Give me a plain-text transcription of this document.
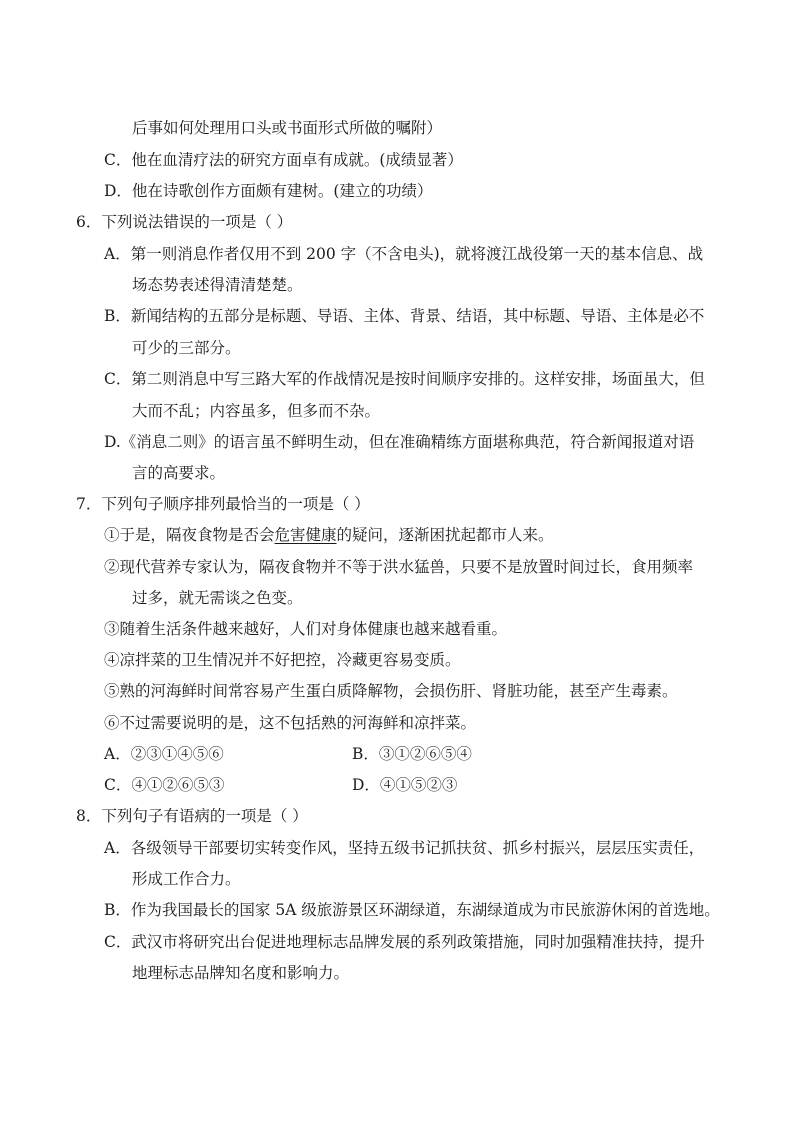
后事如何处理用口头或书面形式所做的嘱附）
C．他在血清疗法的研究方面卓有成就。(成绩显著）
D．他在诗歌创作方面颇有建树。(建立的功绩）
6．下列说法错误的一项是（ ）
A．第一则消息作者仅用不到 200 字（不含电头)，就将渡江战役第一天的基本信息、战
场态势表述得清清楚楚。
B．新闻结构的五部分是标题、导语、主体、背景、结语，其中标题、导语、主体是必不
可少的三部分。
C．第二则消息中写三路大军的作战情况是按时间顺序安排的。这样安排，场面虽大，但
大而不乱；内容虽多，但多而不杂。
D.《消息二则》的语言虽不鲜明生动，但在准确精练方面堪称典范，符合新闻报道对语
言的高要求。
7．下列句子顺序排列最恰当的一项是（ ）
①于是，隔夜食物是否会危害健康的疑问，逐渐困扰起都市人来。
②现代营养专家认为，隔夜食物并不等于洪水猛兽，只要不是放置时间过长，食用频率
过多，就无需谈之色变。
③随着生活条件越来越好，人们对身体健康也越来越看重。
④凉拌菜的卫生情况并不好把控，冷藏更容易变质。
⑤熟的河海鲜时间常容易产生蛋白质降解物，会损伤肝、肾脏功能，甚至产生毒素。
⑥不过需要说明的是，这不包括熟的河海鲜和凉拌菜。
A．②③①④⑤⑥	B．③①②⑥⑤④
C．④①②⑥⑤③	D．④①⑤②③
8．下列句子有语病的一项是（ ）
A．各级领导干部要切实转变作风，坚持五级书记抓扶贫、抓乡村振兴，层层压实责任，
形成工作合力。
B．作为我国最长的国家 5A 级旅游景区环湖绿道，东湖绿道成为市民旅游休闲的首选地。
C．武汉市将研究出台促进地理标志品牌发展的系列政策措施，同时加强精准扶持，提升
地理标志品牌知名度和影响力。
